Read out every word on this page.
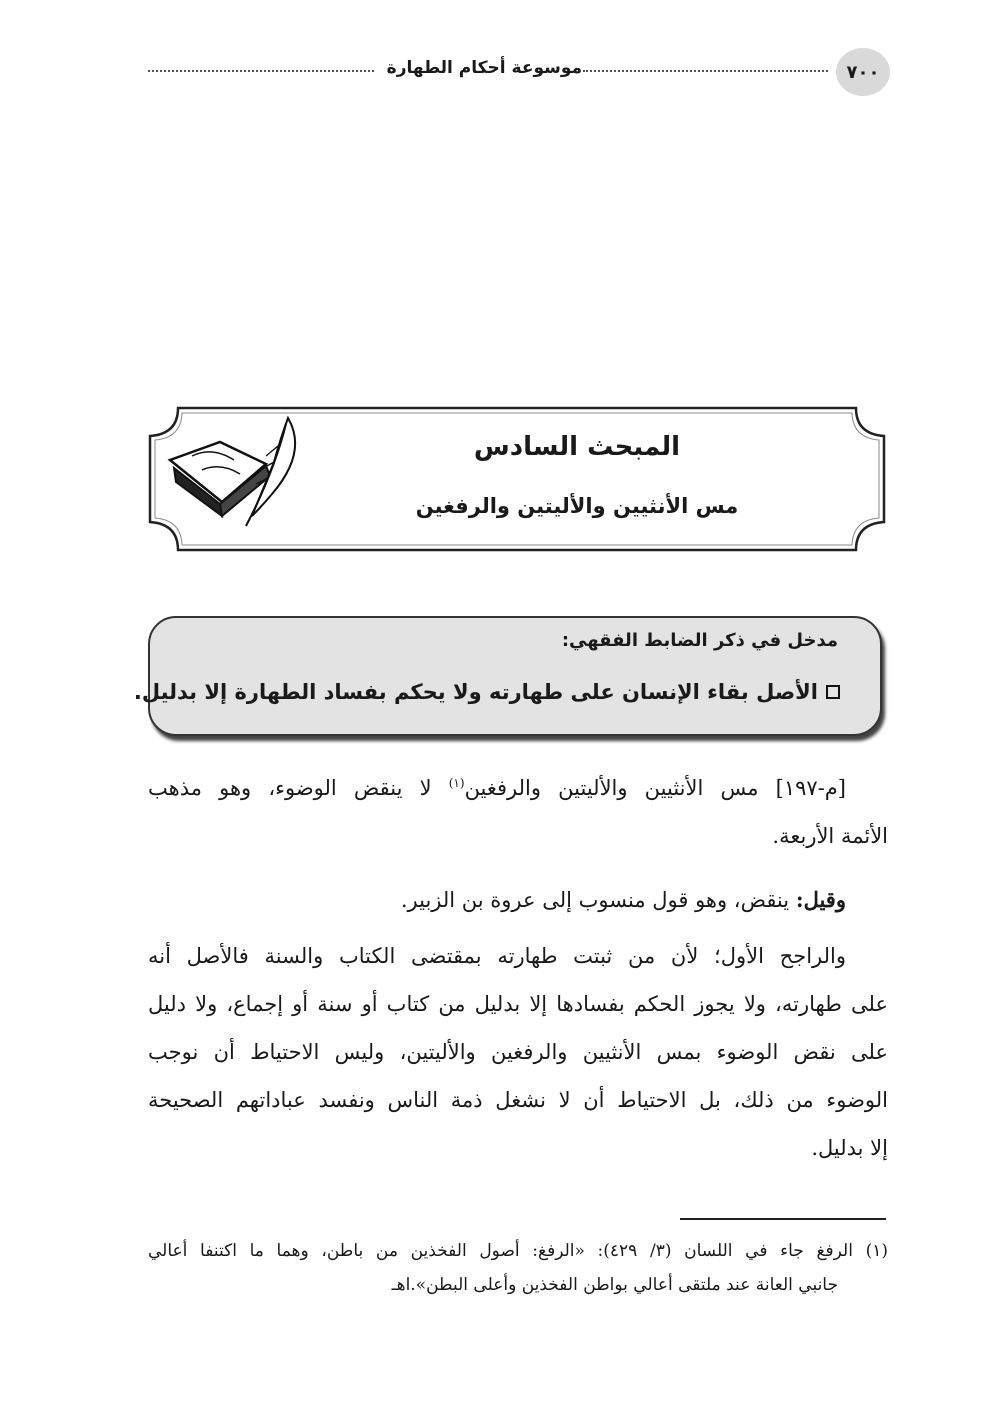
٧٠٠
موسوعة أحكام الطهارة
المبحث السادس
مس الأنثيين والأليتين والرفغين
مدخل في ذكر الضابط الفقهي:
الأصل بقاء الإنسان على طهارته ولا يحكم بفساد الطهارة إلا بدليل.
[م-١٩٧] مس الأنثيين والأليتين والرفغين$^{(١)}$ لا ينقض الوضوء، وهو مذهب
الأئمة الأربعة.
وقيل: ينقض، وهو قول منسوب إلى عروة بن الزبير.
والراجح الأول؛ لأن من ثبتت طهارته بمقتضى الكتاب والسنة فالأصل أنه
على طهارته، ولا يجوز الحكم بفسادها إلا بدليل من كتاب أو سنة أو إجماع، ولا دليل
على نقض الوضوء بمس الأنثيين والرفغين والأليتين، وليس الاحتياط أن نوجب
الوضوء من ذلك، بل الاحتياط أن لا نشغل ذمة الناس ونفسد عباداتهم الصحيحة
إلا بدليل.
(١) الرفغ جاء في اللسان (٣/ ٤٢٩): «الرفغ: أصول الفخذين من باطن، وهما ما اكتنفا أعالي
جانبي العانة عند ملتقى أعالي بواطن الفخذين وأعلى البطن».اهـ
